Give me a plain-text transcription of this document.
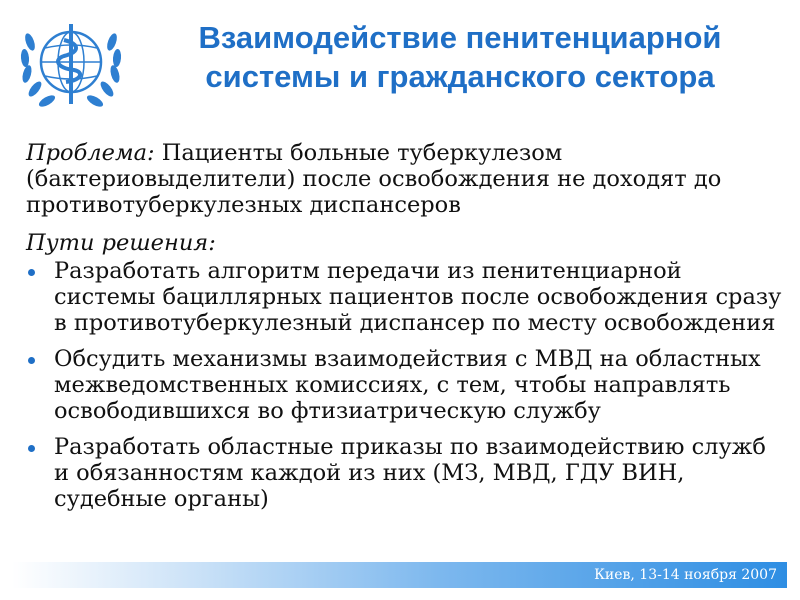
Взаимодействие пенитенциарной
системы и гражданского сектора
Проблема: Пациенты больные туберкулезом (бактериовыделители) после освобождения не доходят до противотуберкулезных диспансеров
Пути решения:
Разработать алгоритм передачи из пенитенциарной системы бациллярных пациентов после освобождения сразу в противотуберкулезный диспансер по месту освобождения
Обсудить механизмы взаимодействия с МВД на областных межведомственных комиссиях, с тем, чтобы направлять освободившихся во фтизиатрическую службу
Разработать областные приказы по взаимодействию служб и обязанностям каждой из них (МЗ, МВД, ГДУ ВИН, судебные органы)
Киев, 13-14 ноября 2007
